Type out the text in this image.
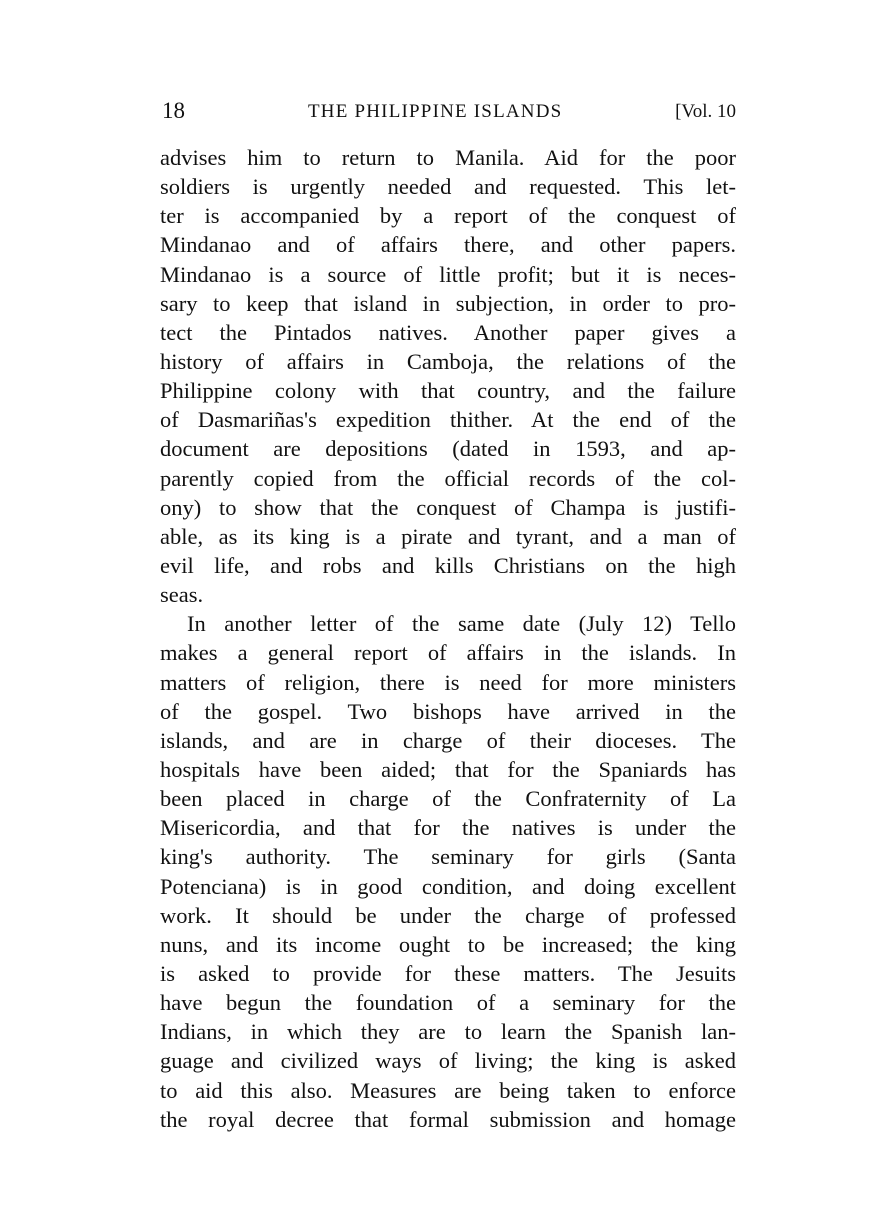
18	THE PHILIPPINE ISLANDS	[Vol. 10
advises him to return to Manila. Aid for the poor
soldiers is urgently needed and requested. This let-
ter is accompanied by a report of the conquest of
Mindanao and of affairs there, and other papers.
Mindanao is a source of little profit; but it is neces-
sary to keep that island in subjection, in order to pro-
tect the Pintados natives. Another paper gives a
history of affairs in Camboja, the relations of the
Philippine colony with that country, and the failure
of Dasmariñas's expedition thither. At the end of the
document are depositions (dated in 1593, and ap-
parently copied from the official records of the col-
ony) to show that the conquest of Champa is justifi-
able, as its king is a pirate and tyrant, and a man of
evil life, and robs and kills Christians on the high
seas.
In another letter of the same date (July 12) Tello
makes a general report of affairs in the islands. In
matters of religion, there is need for more ministers
of the gospel. Two bishops have arrived in the
islands, and are in charge of their dioceses. The
hospitals have been aided; that for the Spaniards has
been placed in charge of the Confraternity of La
Misericordia, and that for the natives is under the
king's authority. The seminary for girls (Santa
Potenciana) is in good condition, and doing excellent
work. It should be under the charge of professed
nuns, and its income ought to be increased; the king
is asked to provide for these matters. The Jesuits
have begun the foundation of a seminary for the
Indians, in which they are to learn the Spanish lan-
guage and civilized ways of living; the king is asked
to aid this also. Measures are being taken to enforce
the royal decree that formal submission and homage
